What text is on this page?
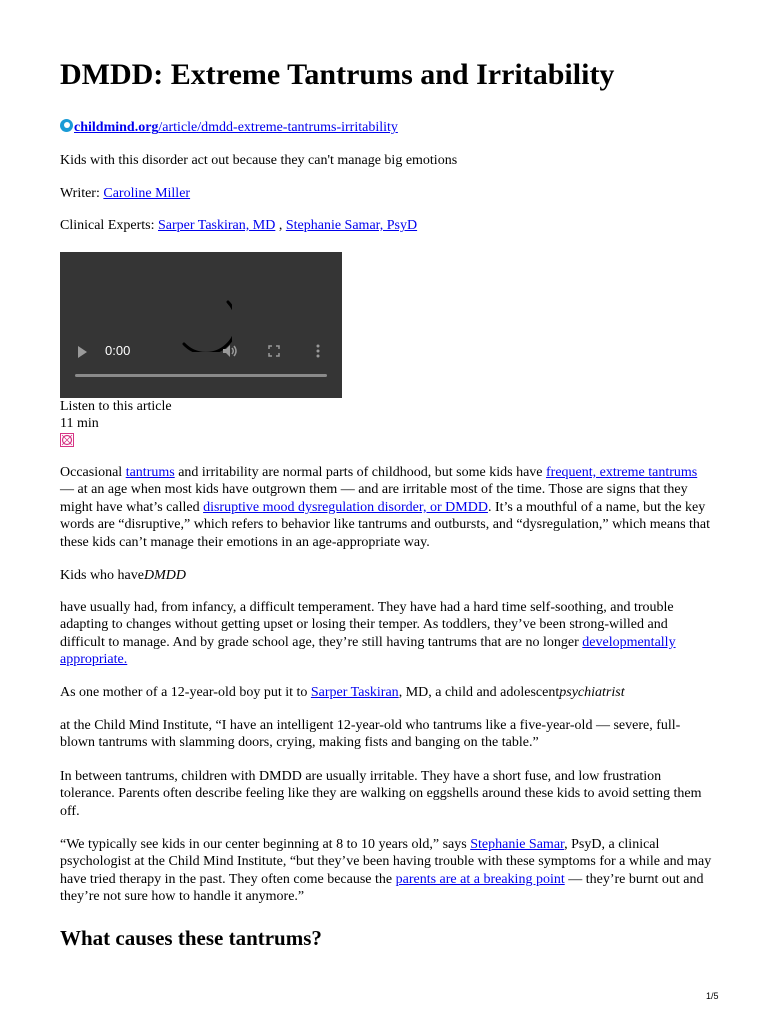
DMDD: Extreme Tantrums and Irritability
childmind.org/article/dmdd-extreme-tantrums-irritability
Kids with this disorder act out because they can't manage big emotions
Writer: Caroline Miller
Clinical Experts: Sarper Taskiran, MD , Stephanie Samar, PsyD
0:00
Listen to this article
11 min

Occasional tantrums and irritability are normal parts of childhood, but some kids have frequent, extreme tantrums — at an age when most kids have outgrown them — and are irritable most of the time. Those are signs that they might have what’s called disruptive mood dysregulation disorder, or DMDD. It’s a mouthful of a name, but the key words are “disruptive,” which refers to behavior like tantrums and outbursts, and “dysregulation,” which means that these kids can’t manage their emotions in an age-appropriate way.

Kids who haveDMDD

have usually had, from infancy, a difficult temperament. They have had a hard time self-soothing, and trouble adapting to changes without getting upset or losing their temper. As toddlers, they’ve been strong-willed and difficult to manage. And by grade school age, they’re still having tantrums that are no longer developmentally appropriate.

As one mother of a 12-year-old boy put it to Sarper Taskiran, MD, a child and adolescentpsychiatrist

at the Child Mind Institute, “I have an intelligent 12-year-old who tantrums like a five-year-old — severe, full-blown tantrums with slamming doors, crying, making fists and banging on the table.”

In between tantrums, children with DMDD are usually irritable. They have a short fuse, and low frustration tolerance. Parents often describe feeling like they are walking on eggshells around these kids to avoid setting them off.

“We typically see kids in our center beginning at 8 to 10 years old,” says Stephanie Samar, PsyD, a clinical psychologist at the Child Mind Institute, “but they’ve been having trouble with these symptoms for a while and may have tried therapy in the past. They often come because the parents are at a breaking point — they’re burnt out and they’re not sure how to handle it anymore.”

What causes these tantrums?
1/5
